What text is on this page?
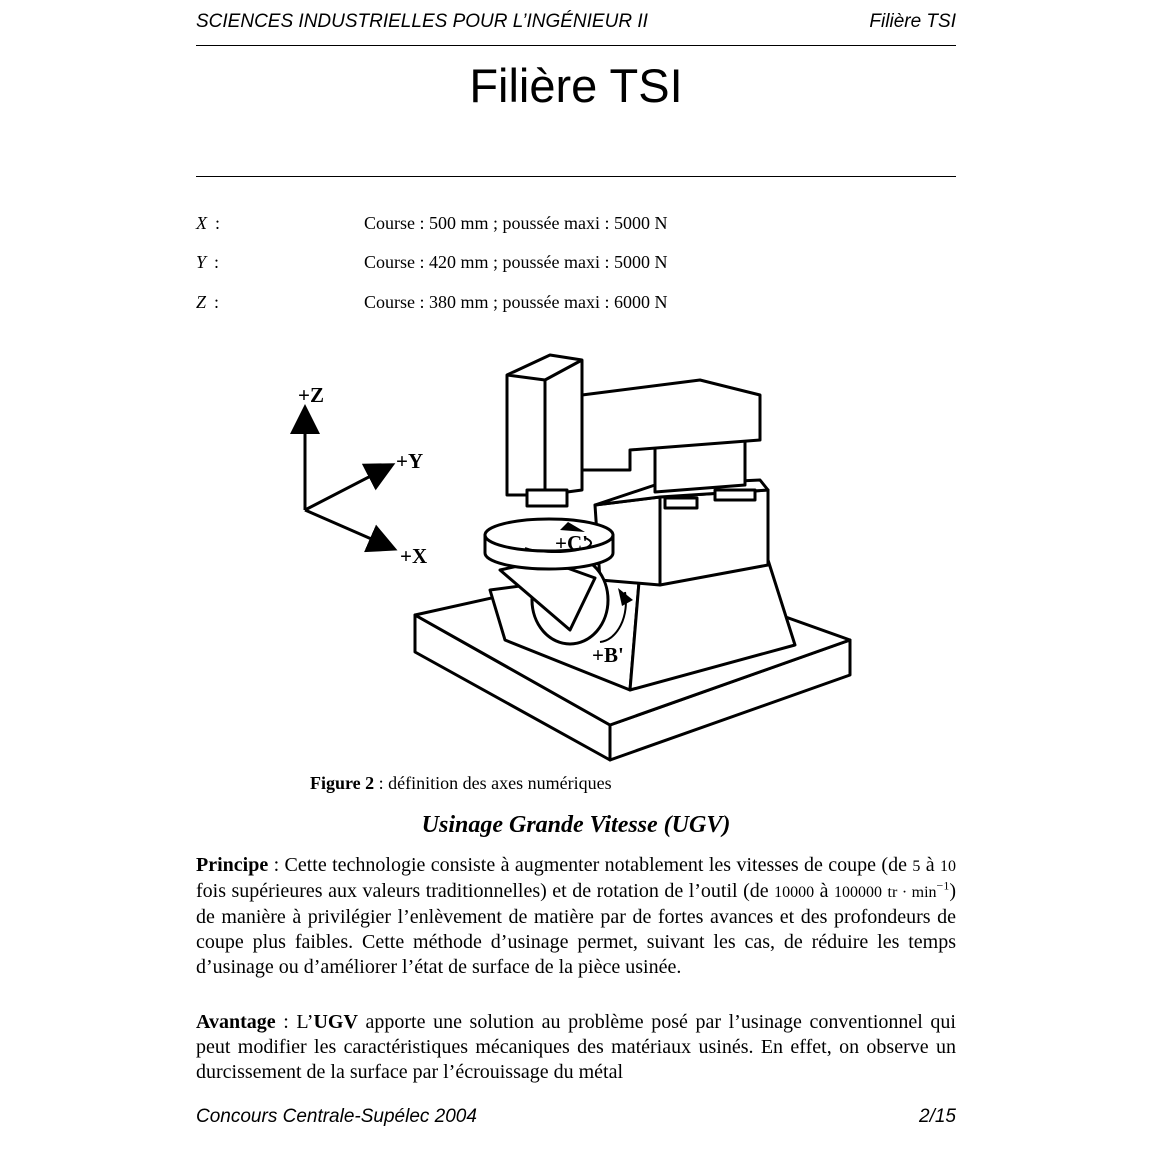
SCIENCES INDUSTRIELLES POUR L’INGÉNIEUR II	Filière TSI
Filière TSI
X :	Course : 500 mm ; poussée maxi : 5000 N
Y :	Course : 420 mm ; poussée maxi : 5000 N
Z :	Course : 380 mm ; poussée maxi : 6000 N
+Z
+Y
+X
+C'
+B'
Figure 2 : définition des axes numériques
Usinage Grande Vitesse (UGV)
Principe : Cette technologie consiste à augmenter notablement les vitesses de coupe (de 5 à 10 fois supérieures aux valeurs traditionnelles) et de rotation de l’outil (de 10000 à 100000 tr · $\min^{-1}$) de manière à privilégier l’enlèvement de matière par de fortes avances et des profondeurs de coupe plus faibles. Cette méthode d’usinage permet, suivant les cas, de réduire les temps d’usinage ou d’améliorer l’état de surface de la pièce usinée.
Avantage : L’UGV apporte une solution au problème posé par l’usinage conventionnel qui peut modifier les caractéristiques mécaniques des matériaux usinés. En effet, on observe un durcissement de la surface par l’écrouissage du métal
Concours Centrale-Supélec 2004	2/15
